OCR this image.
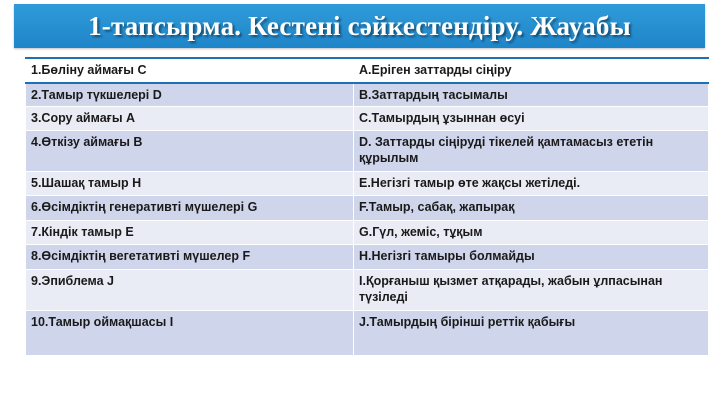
1-тапсырма. Кестені сәйкестендіру. Жауабы
1.Бөліну аймағы С	А.Еріген заттарды сіңіру
2.Тамыр түкшелері D	В.Заттардың тасымалы
3.Сору аймағы А	С.Тамырдың ұзыннан өсуі
4.Өткізу аймағы В	D. Заттарды сіңіруді тікелей қамтамасыз ететін құрылым
5.Шашақ тамыр Н	Е.Негізгі тамыр өте жақсы жетіледі.
6.Өсімдіктің генеративті мүшелері G	F.Тамыр, сабақ, жапырақ
7.Кіндік тамыр Е	G.Гүл, жеміс, тұқым
8.Өсімдіктің вегетативті мүшелер F	Н.Негізгі тамыры болмайды
9.Эпиблема J	I.Қорғаныш қызмет атқарады, жабын ұлпасынан түзіледі
10.Тамыр оймақшасы I	J.Тамырдың бірінші реттік қабығы
